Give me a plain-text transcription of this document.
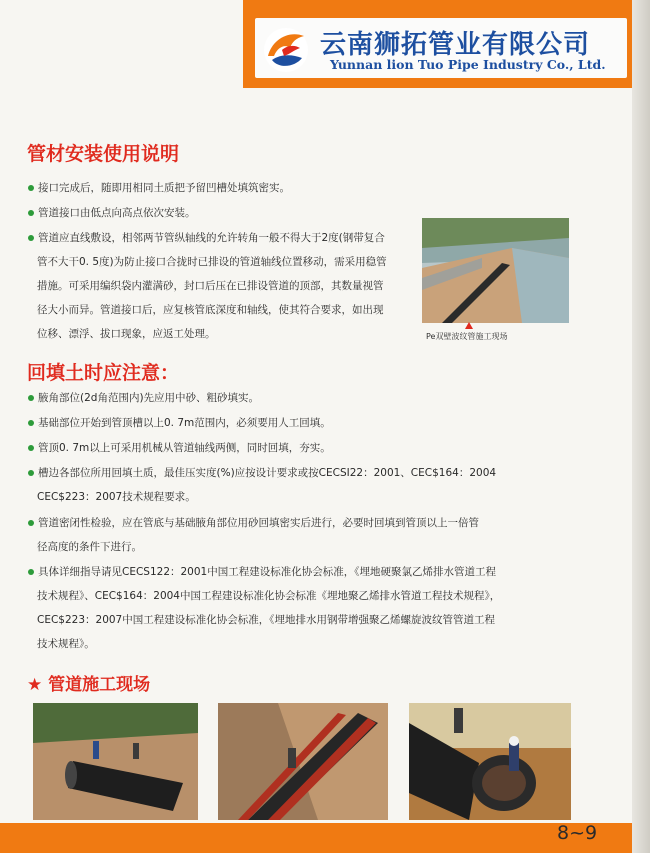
云南狮拓管业有限公司
Yunnan lion Tuo Pipe Industry Co., Ltd.
管材安装使用说明
接口完成后，随即用相同土质把予留凹槽处填筑密实。
管道接口由低点向高点依次安装。
管道应直线敷设，相邻两节管纵轴线的允许转角一般不得大于2度(钢带复合
管不大干0. 5度)为防止接口合拢时已排设的管道轴线位置移动，需采用稳管
措施。可采用编织袋内灌满砂，封口后压在已排设管道的顶部，其数量视管
径大小而异。管道接口后，应复核管底深度和轴线，使其符合要求，如出现
位移、漂浮、拔口现象，应返工处理。	Pe双壁波纹管施工现场
回填土时应注意：
腋角部位(2d角范围内)先应用中砂、粗砂填实。
基础部位开始到管顶槽以上0. 7m范围内，必须要用人工回填。
管顶0. 7m以上可采用机械从管道轴线两侧，同时回填，夯实。
槽边各部位所用回填土质，最佳压实度(%)应按设计要求或按CECSI22：2001、CEC$164：2004
CEC$223：2007技术规程要求。
管道密闭性检验，应在管底与基础腋角部位用砂回填密实后进行，必要时回填到管顶以上一倍管
径高度的条件下进行。
具体详细指导请见CECS122：2001中国工程建设标准化协会标准，《埋地硬聚氯乙烯排水管道工程
技术规程》、CEC$164：2004中国工程建设标准化协会标准《埋地聚乙烯排水管道工程技术规程》，
CEC$223：2007中国工程建设标准化协会标准，《埋地排水用钢带增强聚乙烯螺旋波纹管管道工程
技术规程》。
★ 管道施工现场
8~9
